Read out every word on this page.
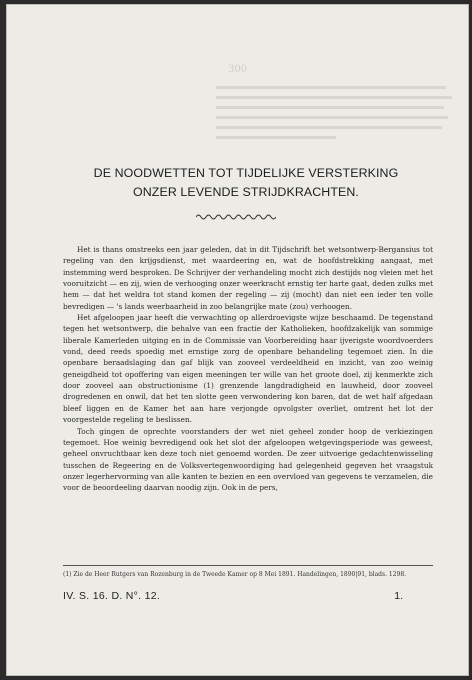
300
DE NOODWETTEN TOT TIJDELIJKE VERSTERKING
ONZER LEVENDE STRIJDKRACHTEN.

Het is thans omstreeks een jaar geleden, dat in dit Tijdschrift het wetsontwerp-Bergansius tot regeling van den krijgsdienst, met waardeering en, wat de hoofdstrekking aangaat, met instemming werd besproken. De Schrijver der verhandeling mocht zich destijds nog vleien met het vooruitzicht — en zij, wien de verhooging onzer weerkracht ernstig ter harte gaat, deden zulks met hem — dat het weldra tot stand komen der regeling — zij (mocht) dan niet een ieder ten volle bevredigen — 's lands weerbaarheid in zoo belangrijke mate (zou) verhoogen.

Het afgeloopen jaar heeft die verwachting op allerdroevigste wijze beschaamd. De tegenstand tegen het wetsontwerp, die behalve van een fractie der Katholieken, hoofdzakelijk van sommige liberale Kamerleden uitging en in de Commissie van Voorbereiding haar ijverigste woordvoerders vond, deed reeds spoedig met ernstige zorg de openbare behandeling tegemoet zien. In die openbare beraadslaging dan gaf blijk van zooveel verdeeldheid en inzicht, van zoo weinig geneigdheid tot opoffering van eigen meeningen ter wille van het groote doel, zij kenmerkte zich door zooveel aan obstructionisme (1) grenzende langdradigheid en lauwheid, door zooveel drogredenen en onwil, dat het ten slotte geen verwondering kon baren, dat de wet half afgedaan bleef liggen en de Kamer het aan hare verjongde opvolgster overliet, omtrent het lot der voorgestelde regeling te beslissen.

Toch gingen de oprechte voorstanders der wet niet geheel zonder hoop de verkiezingen tegemoet. Hoe weinig bevredigend ook het slot der afgeloopen wetgevingsperiode was geweest, geheel onvruchtbaar ken deze toch niet genoemd worden. De zeer uitvoerige gedachtenwisseling tusschen de Regeering en de Volksvertegenwoordiging had gelegenheid gegeven het vraagstuk onzer legerhervorming van alle kanten te bezien en een overvloed van gegevens te verzamelen, die voor de beoordeeling daarvan noodig zijn. Ook in de pers,

(1) Zie de Heer Rutgers van Rozenburg in de Tweede Kamer op 8 Mei 1891. Handelingen, 1890|91, blads. 1298.
IV. S. 16. D. N°. 12.	1.
